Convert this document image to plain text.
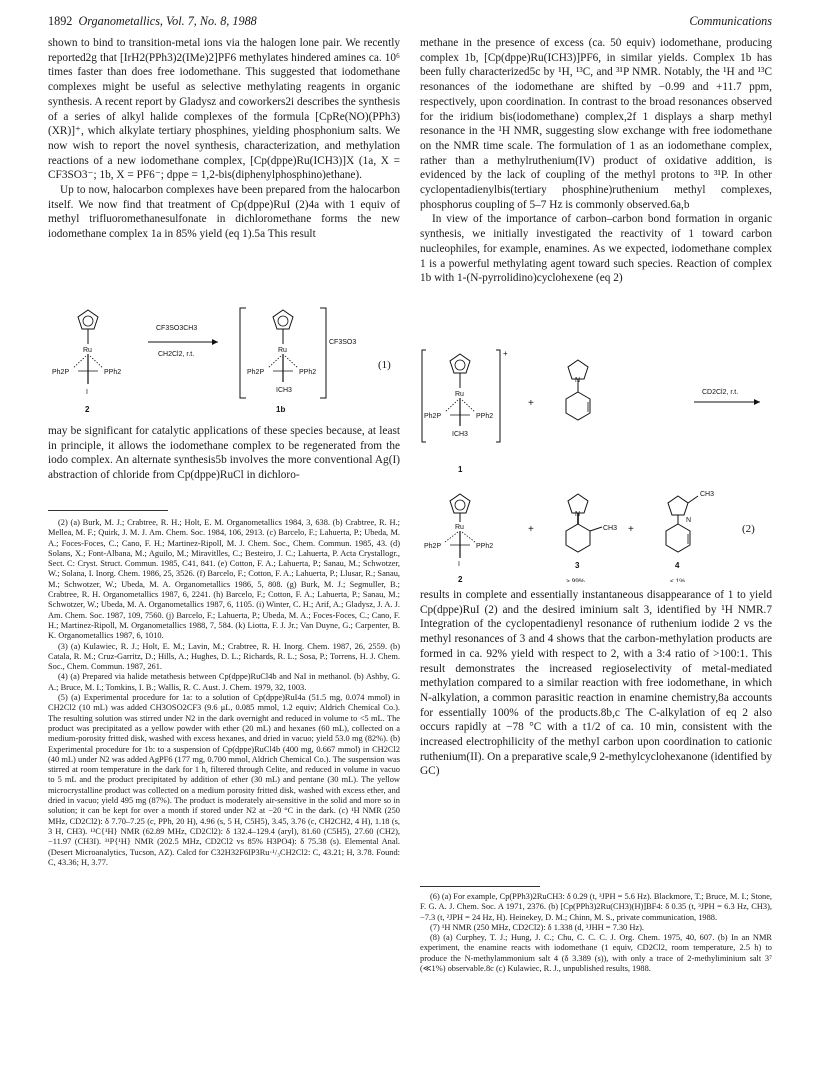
1892 Organometallics, Vol. 7, No. 8, 1988	Communications

shown to bind to transition-metal ions via the halogen lone pair. We recently reported2g that [IrH2(PPh3)2(IMe)2]PF6 methylates hindered amines ca. 10⁶ times faster than does free iodomethane. This suggested that iodomethane complexes might be useful as selective methylating reagents in organic synthesis. A recent report by Gladysz and coworkers2i describes the synthesis of a series of alkyl halide complexes of the formula [CpRe(NO)(PPh3)(XR)]⁺, which alkylate tertiary phosphines, yielding phosphonium salts. We now wish to report the novel synthesis, characterization, and methylation reactions of a new iodomethane complex, [Cp(dppe)Ru(ICH3)]X (1a, X = CF3SO3⁻; 1b, X = PF6⁻; dppe = 1,2-bis(diphenylphosphino)ethane).

Up to now, halocarbon complexes have been prepared from the halocarbon itself. We now find that treatment of Cp(dppe)RuI (2)4a with 1 equiv of methyl trifluoromethanesulfonate in dichloromethane forms the new iodomethane complex 1a in 85% yield (eq 1).5a This result

Ru
Ph2P	PPh2
I
2
CF3SO3CH3
CH2Cl2, r.t.
Ru
Ph2P	PPh2
ICH3
CF3SO3
1b
(1)

may be significant for catalytic applications of these species because, at least in principle, it allows the iodomethane complex to be regenerated from the iodo complex. An alternate synthesis5b involves the more conventional Ag(I) abstraction of chloride from Cp(dppe)RuCl in dichloro-

(2) (a) Burk, M. J.; Crabtree, R. H.; Holt, E. M. Organometallics 1984, 3, 638. (b) Crabtree, R. H.; Mellea, M. F.; Quirk, J. M. J. Am. Chem. Soc. 1984, 106, 2913. (c) Barcelo, F.; Lahuerta, P.; Ubeda, M. A.; Foces-Foces, C.; Cano, F. H.; Martinez-Ripoll, M. J. Chem. Soc., Chem. Commun. 1985, 43. (d) Solans, X.; Font-Albana, M.; Aguilo, M.; Miravitlles, C.; Besteiro, J. C.; Lahuerta, P. Acta Crystallogr., Sect. C: Cryst. Struct. Commun. 1985, C41, 841. (e) Cotton, F. A.; Lahuerta, P.; Sanau, M.; Schwotzer, W.; Solana, I. Inorg. Chem. 1986, 25, 3526. (f) Barcelo, F.; Cotton, F. A.; Lahuerta, P.; Llusar, R.; Sanau, M.; Schwotzer, W.; Ubeda, M. A. Organometallics 1986, 5, 808. (g) Burk, M. J.; Segmuller, B.; Crabtree, R. H. Organometallics 1987, 6, 2241. (h) Barcelo, F.; Cotton, F. A.; Lahuerta, P.; Sanau, M.; Schwotzer, W.; Ubeda, M. A. Organometallics 1987, 6, 1105. (i) Winter, C. H.; Arif, A.; Gladysz, J. A. J. Am. Chem. Soc. 1987, 109, 7560. (j) Barcelo, F.; Lahuerta, P.; Ubeda, M. A.; Foces-Foces, C.; Cano, F. H.; Martinez-Ripoll, M. Organometallics 1988, 7, 584. (k) Liotta, F. J. Jr.; Van Duyne, G.; Carpenter, B. K. Organometallics 1987, 6, 1010.

(3) (a) Kulawiec, R. J.; Holt, E. M.; Lavin, M.; Crabtree, R. H. Inorg. Chem. 1987, 26, 2559. (b) Catala, R. M.; Cruz-Garritz, D.; Hills, A.; Hughes, D. L.; Richards, R. L.; Sosa, P.; Torrens, H. J. Chem. Soc., Chem. Commun. 1987, 261.

(4) (a) Prepared via halide metathesis between Cp(dppe)RuCl4b and NaI in methanol. (b) Ashby, G. A.; Bruce, M. I.; Tomkins, I. B.; Wallis, R. C. Aust. J. Chem. 1979, 32, 1003.

(5) (a) Experimental procedure for 1a: to a solution of Cp(dppe)RuI4a (51.5 mg, 0.074 mmol) in CH2Cl2 (10 mL) was added CH3OSO2CF3 (9.6 μL, 0.085 mmol, 1.2 equiv; Aldrich Chemical Co.). The resulting solution was stirred under N2 in the dark overnight and reduced in volume to <5 mL. The product was precipitated as a yellow powder with ether (20 mL) and hexanes (60 mL), collected on a medium-porosity fritted disk, washed with excess hexanes, and dried in vacuo; yield 53.0 mg (82%). (b) Experimental procedure for 1b: to a suspension of Cp(dppe)RuCl4b (400 mg, 0.667 mmol) in CH2Cl2 (40 mL) under N2 was added AgPF6 (177 mg, 0.700 mmol, Aldrich Chemical Co.). The suspension was stirred at room temperature in the dark for 1 h, filtered through Celite, and reduced in volume in vacuo to 5 mL and the product precipitated by addition of ether (30 mL) and pentane (30 mL). The yellow microcrystalline product was collected on a medium porosity fritted disk, washed with excess ether, and dried in vacuo; yield 495 mg (87%). The product is moderately air-sensitive in the solid and more so in solution; it can be kept for over a month if stored under N2 at −20 °C in the dark. (c) ¹H NMR (250 MHz, CD2Cl2): δ 7.70–7.25 (c, PPh, 20 H), 4.96 (s, 5 H, C5H5), 3.45, 3.76 (c, CH2CH2, 4 H), 1.18 (s, 3 H, CH3). ¹³C{¹H} NMR (62.89 MHz, CD2Cl2): δ 132.4–129.4 (aryl), 81.60 (C5H5), 27.60 (CH2), −11.97 (CH3I). ³¹P{¹H} NMR (202.5 MHz, CD2Cl2 vs 85% H3PO4): δ 75.38 (s). Elemental Anal. (Desert Microanalytics, Tucson, AZ). Calcd for C32H32F6IP3Ru·¹/₃CH2Cl2: C, 43.21; H, 3.78. Found: C, 43.36; H, 3.77.

methane in the presence of excess (ca. 50 equiv) iodomethane, producing complex 1b, [Cp(dppe)Ru(ICH3)]PF6, in similar yields. Complex 1b has been fully characterized5c by ¹H, ¹³C, and ³¹P NMR. Notably, the ¹H and ¹³C resonances of the iodomethane are shifted by −0.99 and +11.7 ppm, respectively, upon coordination. In contrast to the broad resonances observed for the iridium bis(iodomethane) complex,2f 1 displays a sharp methyl resonance in the ¹H NMR, suggesting slow exchange with free iodomethane on the NMR time scale. The formulation of 1 as an iodomethane complex, rather than a methylruthenium(IV) product of oxidative addition, is evidenced by the lack of coupling of the methyl protons to ³¹P. In other cyclopentadienylbis(tertiary phosphine)ruthenium methyl complexes, phosphorus coupling of 5–7 Hz is commonly observed.6a,b

In view of the importance of carbon–carbon bond formation in organic synthesis, we initially investigated the reactivity of 1 toward carbon nucleophiles, for example, enamines. As we expected, iodomethane complex 1 is a powerful methylating agent toward such species. Reaction of complex 1b with 1-(N-pyrrolidino)cyclohexene (eq 2)

+
Ru
Ph2P	PPh2
ICH3
1
+
N
CD2Cl2, r.t.
Ru
Ph2P	PPh2
I
2
+
N
CH3
3
> 99%
+
N
CH3
4
< 1%
(2)

results in complete and essentially instantaneous disappearance of 1 to yield Cp(dppe)RuI (2) and the desired iminium salt 3, identified by ¹H NMR.7 Integration of the cyclopentadienyl resonance of ruthenium iodide 2 vs the methyl resonances of 3 and 4 shows that the carbon-methylation products are formed in ca. 92% yield with respect to 2, with a 3:4 ratio of >100:1. This result demonstrates the increased regioselectivity of metal-mediated methylation compared to a similar reaction with free iodomethane, in which N-alkylation, a common parasitic reaction in enamine chemistry,8a accounts for essentially 100% of the products.8b,c The C-alkylation of eq 2 also occurs rapidly at −78 °C with a t1/2 of ca. 10 min, consistent with the increased electrophilicity of the methyl carbon upon coordination to cationic ruthenium(II). On a preparative scale,9 2-methylcyclohexanone (identified by GC)

(6) (a) For example, Cp(PPh3)2RuCH3: δ 0.29 (t, ³JPH = 5.6 Hz). Blackmore, T.; Bruce, M. I.; Stone, F. G. A. J. Chem. Soc. A 1971, 2376. (b) [Cp(PPh3)2Ru(CH3)(H)]BF4: δ 0.35 (t, ³JPH = 6.3 Hz, CH3), −7.3 (t, ²JPH = 24 Hz, H). Heinekey, D. M.; Chinn, M. S., private communication, 1988.

(7) ¹H NMR (250 MHz, CD2Cl2): δ 1.338 (d, ³JHH = 7.30 Hz).

(8) (a) Curphey, T. J.; Hung, J. C.; Chu, C. C. C. J. Org. Chem. 1975, 40, 607. (b) In an NMR experiment, the enamine reacts with iodomethane (1 equiv, CD2Cl2, room temperature, 2.5 h) to produce the N-methylammonium salt 4 (δ 3.389 (s)), with only a trace of 2-methyliminium salt 3⁷ (≪1%) observable.8c (c) Kulawiec, R. J., unpublished results, 1988.
